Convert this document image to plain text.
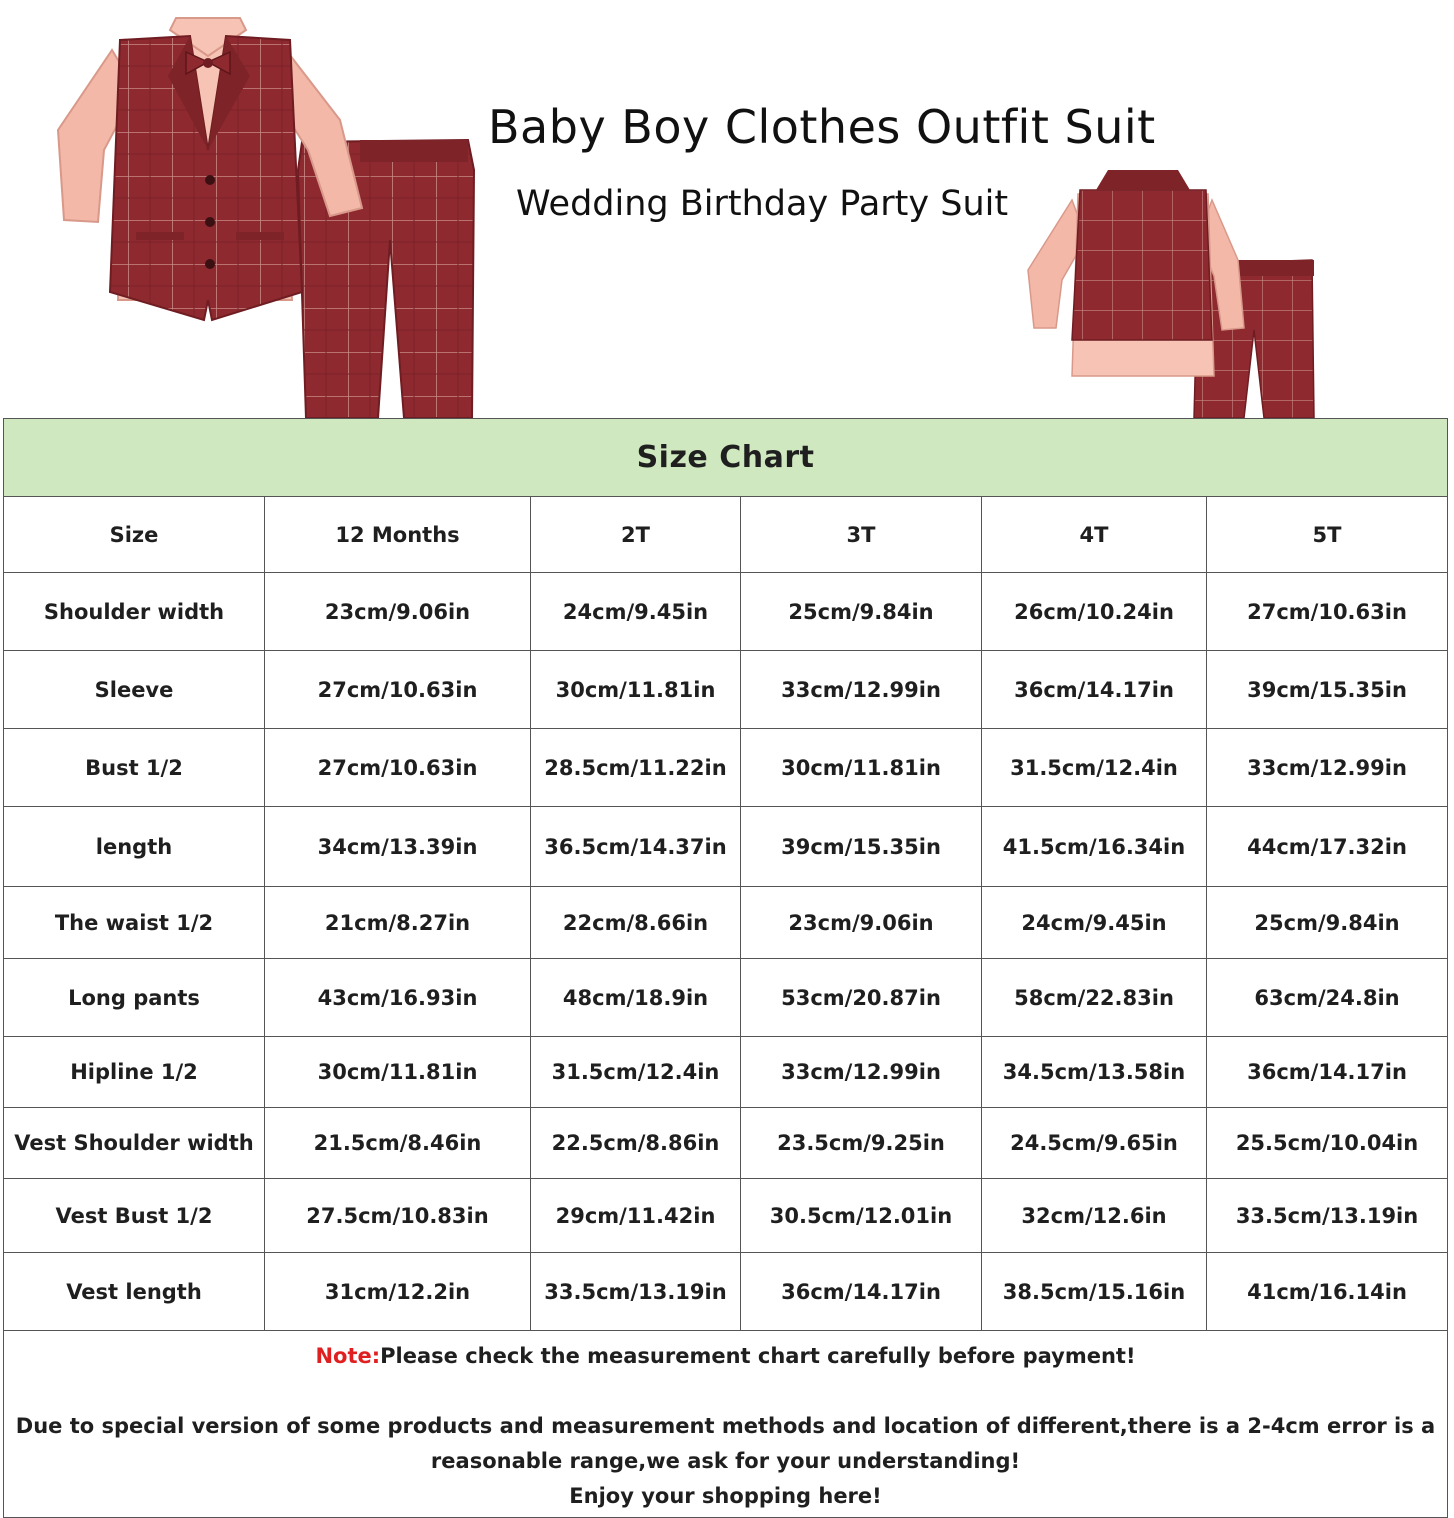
Baby Boy Clothes Outfit Suit
Wedding Birthday Party Suit
Size Chart					
Size	12 Months	2T	3T	4T	5T
Shoulder width	23cm/9.06in	24cm/9.45in	25cm/9.84in	26cm/10.24in	27cm/10.63in
Sleeve	27cm/10.63in	30cm/11.81in	33cm/12.99in	36cm/14.17in	39cm/15.35in
Bust 1/2	27cm/10.63in	28.5cm/11.22in	30cm/11.81in	31.5cm/12.4in	33cm/12.99in
length	34cm/13.39in	36.5cm/14.37in	39cm/15.35in	41.5cm/16.34in	44cm/17.32in
The waist 1/2	21cm/8.27in	22cm/8.66in	23cm/9.06in	24cm/9.45in	25cm/9.84in
Long pants	43cm/16.93in	48cm/18.9in	53cm/20.87in	58cm/22.83in	63cm/24.8in
Hipline 1/2	30cm/11.81in	31.5cm/12.4in	33cm/12.99in	34.5cm/13.58in	36cm/14.17in
Vest Shoulder width	21.5cm/8.46in	22.5cm/8.86in	23.5cm/9.25in	24.5cm/9.65in	25.5cm/10.04in
Vest Bust 1/2	27.5cm/10.83in	29cm/11.42in	30.5cm/12.01in	32cm/12.6in	33.5cm/13.19in
Vest length	31cm/12.2in	33.5cm/13.19in	36cm/14.17in	38.5cm/15.16in	41cm/16.14in

Note:Please check the measurement chart carefully before payment!
Due to special version of some products and measurement methods and location of different,there is a 2-4cm error is a
reasonable range,we ask for your understanding!
Enjoy your shopping here!					
